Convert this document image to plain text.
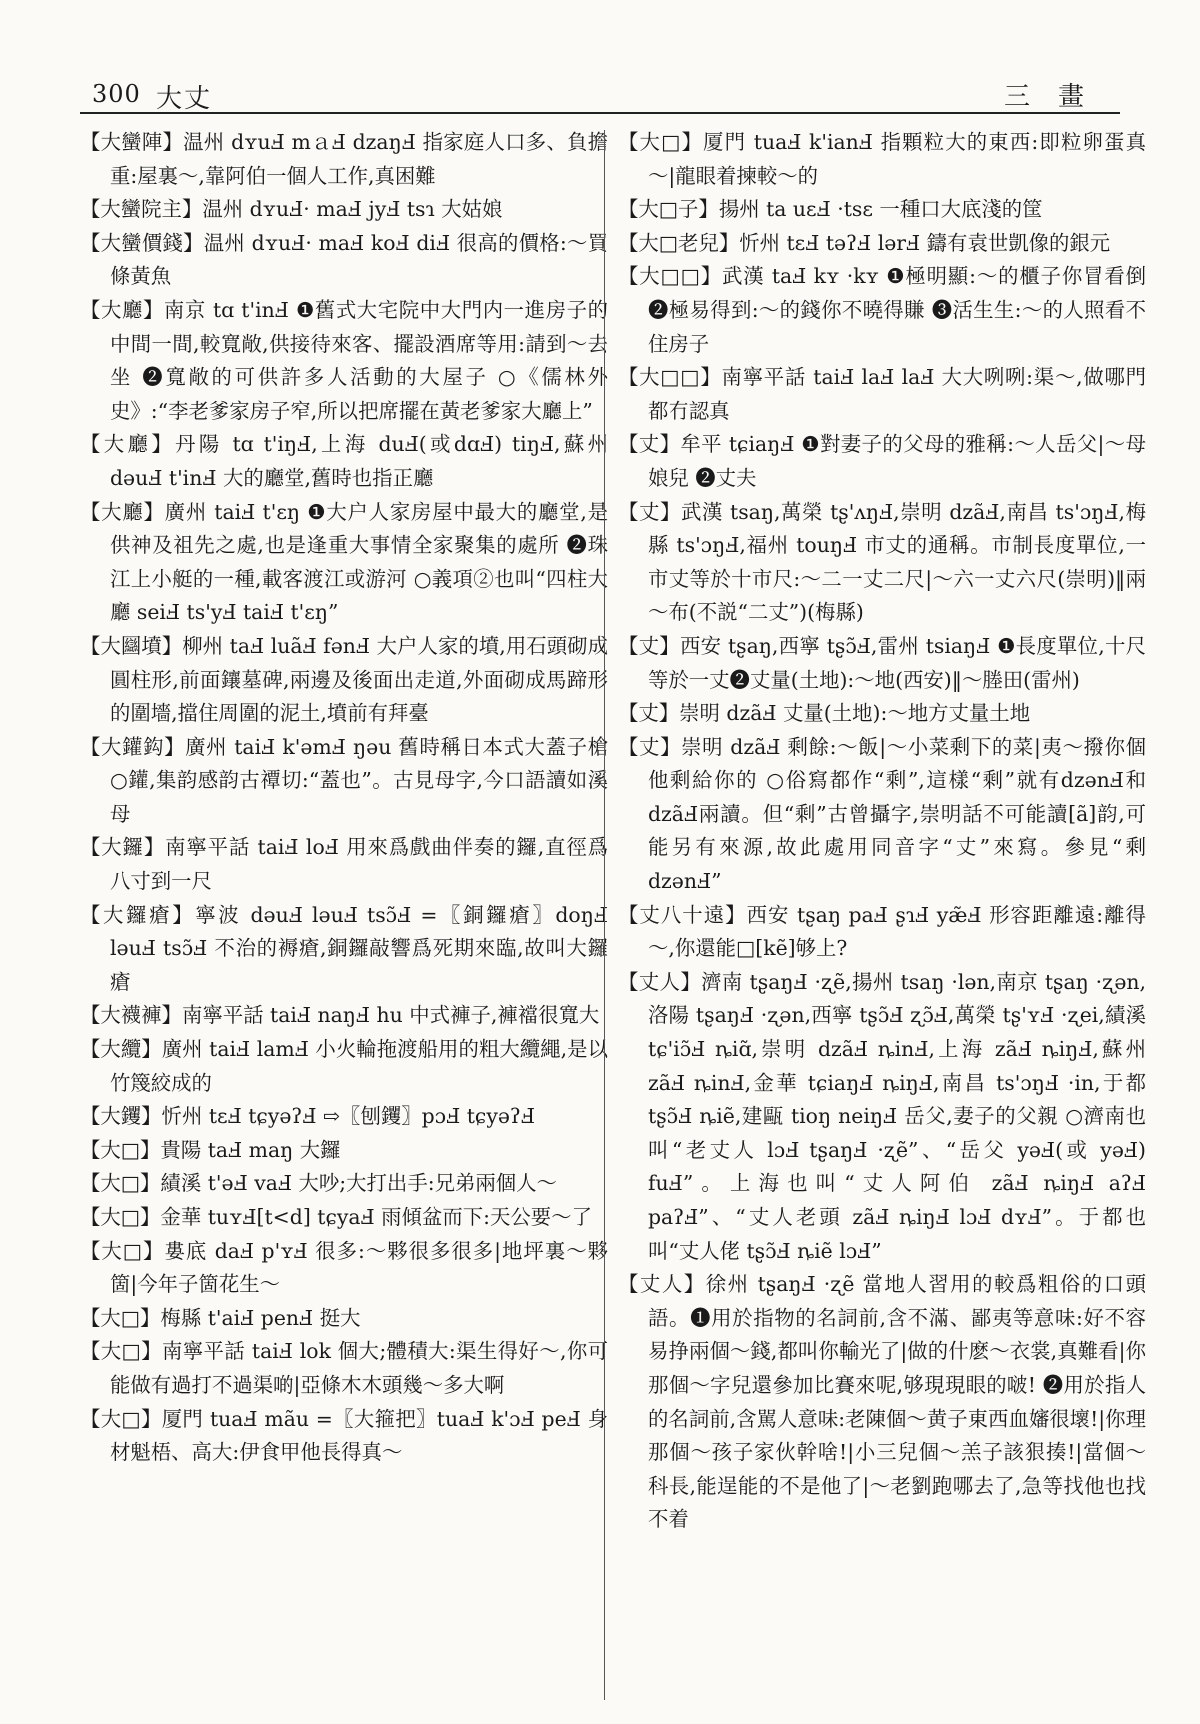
300 大丈	三畫

【大蠻陣】温州 dʏuℲ mａℲ dzaŋℲ 指家庭人口多、負擔重:屋裏～,靠阿伯一個人工作,真困難

【大蠻院主】温州 dʏuℲ· maℲ jyℲ tsɿ 大姑娘

【大蠻價錢】温州 dʏuℲ· maℲ koℲ diℲ 很高的價格:～買條黃魚

【大廳】南京 tɑ t'inℲ ❶舊式大宅院中大門内一進房子的中間一間,較寬敞,供接待來客、擺設酒席等用:請到～去坐 ❷寬敞的可供許多人活動的大屋子 ○《儒林外史》:“李老爹家房子窄,所以把席擺在黃老爹家大廳上”

【大廳】丹陽 tɑ t'iŋℲ,上海 duℲ(或dɑℲ) tiŋℲ,蘇州 dəuℲ t'inℲ 大的廳堂,舊時也指正廳

【大廳】廣州 taiℲ t'ɛŋ ❶大户人家房屋中最大的廳堂,是供神及祖先之處,也是逢重大事情全家聚集的處所 ❷珠江上小艇的一種,載客渡江或游河 ○義項②也叫“四柱大廳 seiℲ ts'yℲ taiℲ t'ɛŋ”

【大圝墳】柳州 taℲ luãℲ fənℲ 大户人家的墳,用石頭砌成圓柱形,前面鑲墓碑,兩邊及後面出走道,外面砌成馬蹄形的圍墻,擋住周圍的泥土,墳前有拜臺

【大鑵鈎】廣州 taiℲ k'əmℲ ŋəu 舊時稱日本式大蓋子槍 ○鑵,集韵感韵古禫切:“蓋也”。古見母字,今口語讀如溪母

【大鑼】南寧平話 taiℲ loℲ 用來爲戲曲伴奏的鑼,直徑爲八寸到一尺

【大鑼瘡】寧波 dəuℲ ləuℲ tsɔ̃Ⅎ =〖銅鑼瘡〗doŋℲ ləuℲ tsɔ̃Ⅎ 不治的褥瘡,銅鑼敲響爲死期來臨,故叫大鑼瘡

【大襪褲】南寧平話 taiℲ naŋℲ hu 中式褲子,褲襠很寬大

【大纜】廣州 taiℲ lamℲ 小火輪拖渡船用的粗大纜繩,是以竹篾絞成的

【大钁】忻州 tɛℲ tɕyəʔℲ ⇨〖刨钁〗pɔℲ tɕyəʔℲ

【大□】貴陽 taℲ maŋ 大鑼

【大□】績溪 t'əℲ vaℲ 大吵;大打出手:兄弟兩個人～

【大□】金華 tuʏℲ[t<d] tɕyaℲ 雨傾盆而下:天公要～了

【大□】婁底 daℲ p'ʏℲ 很多:～夥很多很多|地坪裏～夥箇|今年子箇花生～

【大□】梅縣 t'aiℲ penℲ 挺大

【大□】南寧平話 taiℲ lok 個大;體積大:渠生得好～,你可能做有過打不過渠啲|亞條木木頭幾～多大啊

【大□】厦門 tuaℲ mãu =〖大箍把〗tuaℲ k'ɔℲ peℲ 身材魁梧、高大:伊食甲他長得真～

【大□】厦門 tuaℲ k'ianℲ 指顆粒大的東西:即粒卵蛋真～|龍眼着揀較～的

【大□子】揚州 ta uɛℲ ·tsɛ 一種口大底淺的筐

【大□老兒】忻州 tɛℲ təʔℲ lərℲ 鑄有袁世凱像的銀元

【大□□】武漢 taℲ kʏ ·kʏ ❶極明顯:～的櫃子你冒看倒 ❷極易得到:～的錢你不曉得賺 ❸活生生:～的人照看不住房子

【大□□】南寧平話 taiℲ laℲ laℲ 大大咧咧:渠～,做哪門都冇認真

【丈】牟平 tɕiaŋℲ ❶對妻子的父母的雅稱:～人岳父|～母娘兒 ❷丈夫

【丈】武漢 tsaŋ,萬榮 tʂ'ʌŋℲ,崇明 dzãℲ,南昌 ts'ɔŋℲ,梅縣 ts'ɔŋℲ,福州 touŋℲ 市丈的通稱。市制長度單位,一市丈等於十市尺:～二一丈二尺|～六一丈六尺(崇明)‖兩～布(不説“二丈”)(梅縣)

【丈】西安 tʂaŋ,西寧 tʂɔ̃Ⅎ,雷州 tsiaŋℲ ❶長度單位,十尺等於一丈❷丈量(土地):～地(西安)‖～塍田(雷州)

【丈】崇明 dzãℲ 丈量(土地):～地方丈量土地

【丈】崇明 dzãℲ 剩餘:～飯|～小菜剩下的菜|夷～撥你個他剩給你的 ○俗寫都作“剩”,這樣“剩”就有dzənℲ和 dzãℲ兩讀。但“剩”古曾攝字,崇明話不可能讀[ã]韵,可能另有來源,故此處用同音字“丈”來寫。參見“剩 dzənℲ”

【丈八十遠】西安 tʂaŋ paℲ ʂɿℲ yæ̃Ⅎ 形容距離遠:離得～,你還能□[kẽ]够上?

【丈人】濟南 tʂaŋℲ ·ʐẽ,揚州 tsaŋ ·lən,南京 tʂaŋ ·ʐən,洛陽 tʂaŋℲ ·ʐən,西寧 tʂɔ̃Ⅎ ʐɔ̃Ⅎ,萬榮 tʂ'ʏℲ ·ʐei,績溪 tɕ'iɔ̃Ⅎ ȵiɑ̃,崇明 dzãℲ ȵinℲ,上海 zãℲ ȵiŋℲ,蘇州 zãℲ ȵinℲ,金華 tɕiaŋℲ ȵiŋℲ,南昌 ts'ɔŋℲ ·in,于都 tʂɔ̃Ⅎ ȵiẽ,建甌 tioŋ neiŋℲ 岳父,妻子的父親 ○濟南也叫“老丈人 lɔℲ tʂaŋℲ ·ʐẽ”、“岳父 yəℲ(或 yəℲ) fuℲ”。上海也叫“丈人阿伯 zãℲ ȵiŋℲ aʔℲ paʔℲ”、“丈人老頭 zãℲ ȵiŋℲ lɔℲ dʏℲ”。于都也叫“丈人佬 tʂɔ̃Ⅎ ȵiẽ lɔℲ”

【丈人】徐州 tʂaŋℲ ·ʐẽ 當地人習用的較爲粗俗的口頭語。❶用於指物的名詞前,含不滿、鄙夷等意味:好不容易挣兩個～錢,都叫你輸光了|做的什麽～衣裳,真難看|你那個～字兒還參加比賽來呢,够現現眼的啵! ❷用於指人的名詞前,含駡人意味:老陳個～黄子東西血嬸很壞!|你理那個～孩子家伙幹啥!|小三兒個～羔子該狠揍!|當個～科長,能逞能的不是他了|～老劉跑哪去了,急等找他也找不着
